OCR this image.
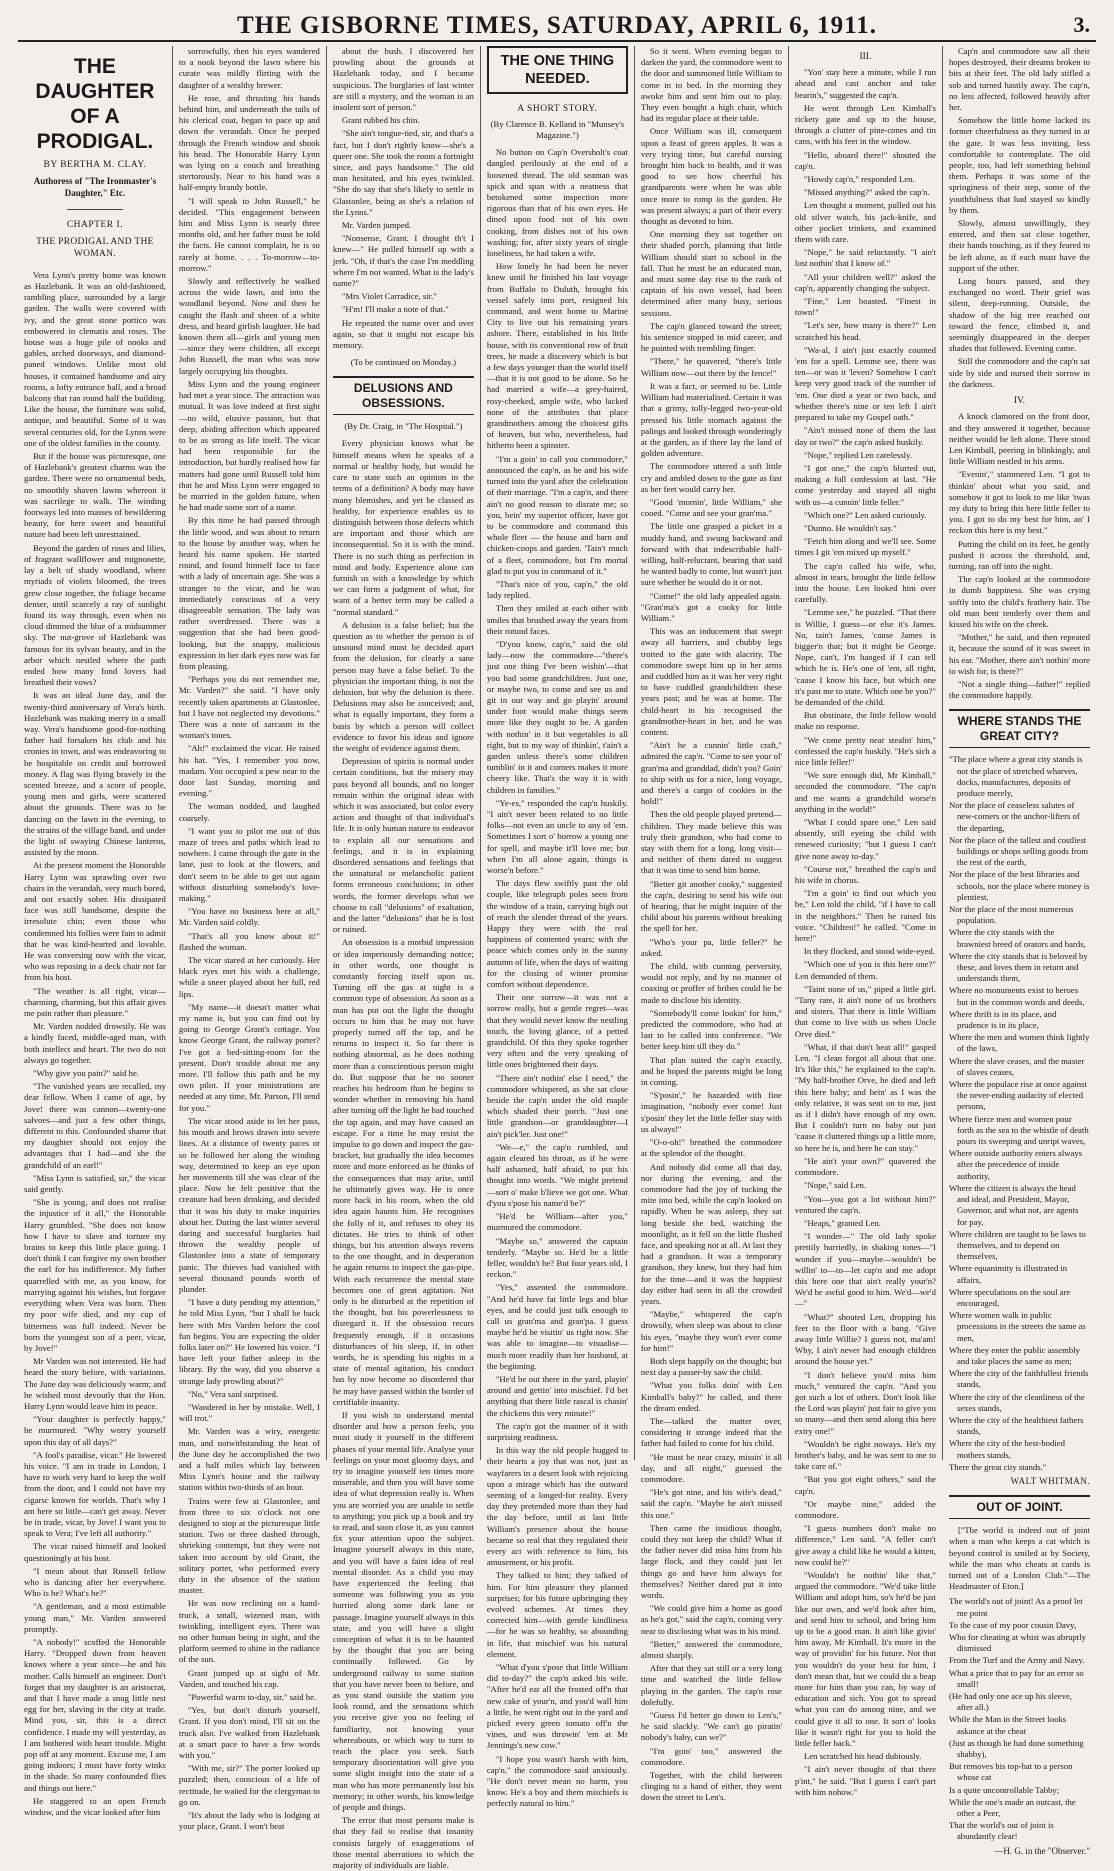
THE GISBORNE TIMES, SATURDAY, APRIL 6, 1911.	3.
THE DAUGHTER OF A PRODIGAL.
BY BERTHA M. CLAY.
Authoress of "The Ironmaster's Daughter," Etc.
CHAPTER I.
THE PRODIGAL AND THE WOMAN.

Vera Lynn's pretty home was known as Hazlebank. It was an old-fashioned, rambling place, surrounded by a large garden. The walls were covered with ivy, and the great stone portico was embowered in clematis and roses. The house was a huge pile of nooks and gables, arched doorways, and diamond-paned windows. Unlike most old houses, it contained handsome and airy rooms, a lofty entrance hall, and a broad balcony that ran round half the building. Like the house, the furniture was solid, antique, and beautiful. Some of it was several centuries old, for the Lynns were one of the oldest families in the county.

But if the house was picturesque, one of Hazlebank's greatest charms was the garden. There were no ornamental beds, no smoothly shaven lawns whereon it was sacrilege to walk. The winding footways led into masses of bewildering beauty, for here sweet and beautiful nature had been left unrestrained.

Beyond the garden of roses and lilies, of fragrant wallflower and mignonette, lay a belt of shady woodland, where myriads of violets bloomed, the trees grew close together, the foliage became denser, until scarcely a ray of sunlight found its way through, even when no cloud dimmed the blue of a midsummer sky. The nut-grove of Hazlebank was famous for its sylvan beauty, and in the arbor which nestled where the path ended how many fond lovers had breathed their vows?

It was an ideal June day, and the twenty-third anniversary of Vera's birth. Hazlebank was making merry in a small way. Vera's handsome good-for-nothing father had forsaken his club and his cronies in town, and was endeavoring to be hospitable on credit and borrowed money. A flag was flying bravely in the scented breeze, and a score of people, young men and girls, were scattered about the grounds. There was to be dancing on the lawn in the evening, to the strains of the village band, and under the light of swaying Chinese lanterns, assisted by the moon.

At the present moment the Honorable Harry Lynn was sprawling over two chairs in the verandah, very much bored, and not exactly sober. His dissipated face was still handsome, despite the irresolute chin; even those who condemned his follies were fain to admit that he was kind-hearted and lovable. He was conversing now with the vicar, who was reposing in a deck chair not far from his host.

"The weather is all right, vicar—charming, charming, but this affair gives me pain rather than pleasure."

Mr. Varden nodded drowsily. He was a kindly faced, middle-aged man, with both intellect and heart. The two do not always go together.

"Why give you pain?" said he.

"The vanished years are recalled, my dear fellow. When I came of age, by Jove! there was cannon—twenty-one salvoes—and just a few other things, different to this. Confounded shame that my daughter should not enjoy the advantages that I had—and she the grandchild of an earl!"

"Miss Lynn is satisfied, sir," the vicar said gently.

"She is young, and does not realise the injustice of it all," the Honorable Harry grumbled. "She does not know how I have to slave and torture my brains to keep this little place going. I don't think I can forgive my own brother the earl for his indifference. My father quarrelled with me, as you know, for marrying against his wishes, but forgave everything when Vera was born. Then my poor wife died, and my cup of bitterness was full indeed. Never be born the youngest son of a peer, vicar, by Jove!"

Mr Varden was not interested. He had heard the story before, with variations. The June day was deliciously warm; and he wished most devoutly that the Hon. Harry Lynn would leave him in peace.

"Your daughter is perfectly happy," he murmured. "Why worry yourself upon this day of all days?"

"A fool's paradise, vicar." He lowered his voice. "I am in trade in London, I have to work very hard to keep the wolf from the door, and I could not have my cigarsc known for worlds. That's why I am here so little—can't get away. Never be in trade, vicar, by Jove! I want you to speak to Vera; I've left all authority."

The vicar raised himself and looked questioningly at his host.

"I mean about that Russell fellow who is dancing after her everywhere. Who is he? What's he?"

"A gentleman, and a most estimable young man," Mr. Varden answered promptly.

"A nobody!" scoffed the Honorable Harry. "Dropped down from heaven knows where a year since—he and his mother. Calls himself an engineer. Don't forget that my daughter is an aristocrat, and that I have made a snug little nest egg for her, slaving in the city at trade. Mind you, sir, this is a direct confidence. I made my will yesterday, as I am bothered with heart trouble. Might pop off at any moment. Excuse me, I am going indoors; I must have forty winks in the shade. So many confounded flies and things out here."

He staggered to an open French window, and the vicar looked after him

sorrowfully, then his eyes wandered to a nook beyond the lawn where his curate was mildly flirting with the daughter of a wealthy brewer.

He rose, and thrusting his hands behind him, and underneath the tails of his clerical coat, began to pace up and down the verandah. Once he peeped through the French window and shook his head. The Honorable Harry Lynn was lying on a couch and breathing stertorously. Near to his hand was a half-empty brandy bottle.

"I will speak to John Russell," he decided. "This engagement between him and Miss Lynn is nearly three months old, and her father must be told the facts. He cannot complain, he is so rarely at home. . . . To-morrow—to-morrow."

Slowly and reflectively he walked across the wide lawn, and into the woodland beyond. Now and then he caught the flash and sheen of a white dress, and heard girlish laughter. He had known them all—girls and young men—since they were children, all except John Russell, the man who was now largely occupying his thoughts.

Miss Lynn and the young engineer had met a year since. The attraction was mutual. It was love indeed at first sight—no wild, elusive passion, but that deep, abiding affection which appeared to be as strong as life itself. The vicar had been responsible for the introduction, but hardly realised how far matters had gone until Russell told him that he and Miss Lynn were engaged to be married in the golden future, when he had made some sort of a name.

By this time he had passed through the little wood, and was about to return to the house by another way, when he heard his name spoken. He started round, and found himself face to face with a lady of uncertain age. She was a stranger to the vicar, and he was immediately conscious of a very disagreeable sensation. The lady was rather overdressed. There was a suggestion that she had been good-looking, but the snappy, malicious expression in her dark eyes now was far from pleasing.

"Perhaps you do not remember me, Mr. Varden?" she said. "I have only recently taken apartments at Glastonlee, but I have not neglected my devotions." There was a note of sarcasm in the woman's tones.

"Ah!" exclaimed the vicar. He raised his hat. "Yes, I remember you now, madam. You occupied a pew near to the door last Sunday, morning and evening."

The woman nodded, and laughed coarsely.

"I want you to pilot me out of this maze of trees and paths which lead to nowhere. I came through the gate in the lane, just to look at the flowers, and don't seem to be able to get out again without disturbing somebody's love-making."

"You have no business here at all," Mr. Varden said coldly.

"That's all you know about it!" flashed the woman.

The vicar stared at her curiously. Her black eyes met his with a challenge, while a sneer played about her full, red lips.

"My name—it doesn't matter what my name is, but you can find out by going to George Grant's cottage. You know George Grant, the railway porter? I've got a bed-sitting-room for the present. Don't trouble about me any more. I'll follow this path and be my own pilot. If your ministrations are needed at any time, Mr. Parson, I'll send for you."

The vicar stood aside to let her pass, his mouth and brows drawn into severe lines. At a distance of twenty paces or so he followed her along the winding way, determined to keep an eye upon her movements till she was clear of the place. Now he felt positive that the creature had been drinking, and decided that it was his duty to make inquiries about her. During the last winter several daring and successful burglaries had thrown the wealthy people of Glastonlee into a state of temporary panic. The thieves had vanished with several thousand pounds worth of plunder.

"I have a duty pending my attention," he told Miss Lynn, "but I shall be back here with Mrs Varden before the cool fun begins. You are expecting the older folks later on?" He lowered his voice. "I have left your father asleep in the library. By the way, did you observe a strange lady prowling about?"

"No," Vera said surprised.

"Wandered in her by mistake. Well, I will trot."

Mr. Varden was a wiry, energetic man, and notwithstanding the heat of the June day he accomplished the two and a half miles which lay between Miss Lynn's house and the railway station within two-thirds of an hour.

Trains were few at Glastonlee, and from three to six o'clock not one designed to stop at the picturesque little station. Two or three dashed through, shrieking contempt, but they were not taken into account by old Grant, the solitary porter, who performed every duty in the absence of the station master.

He was now reclining on a hand-truck, a small, wizened man, with twinkling, intelligent eyes. There was no other human being in sight, and the platform seemed to shine in the radiance of the sun.

Grant jumped up at sight of Mr. Varden, and touched his cap.

"Powerful warm to-day, sir," said he.

"Yes, but don't disturb yourself, Grant. If you don't mind, I'll sit on the truck also. I've walked from Hazlebank at a smart pace to have a few words with you."

"With me, sir?" The porter looked up puzzled; then, conscious of a life of rectitude, he waited for the clergyman to go on.

"It's about the lady who is lodging at your place, Grant. I won't beat

about the bush. I discovered her prowling about the grounds at Hazlebank today, and I became suspicious. The burglaries of last winter are still a mystery, and the woman is an insolent sort of person."

Grant rubbed his chin.

"She ain't tongue-tied, sir, and that's a fact, but I don't rightly know—she's a queer one. She took the room a fortnight since, and pays handsome." The old man hesitated, and his eyes twinkled. "She do say that she's likely to settle in Glastonlee, being as she's a relation of the Lynns."

Mr. Varden jumped.

"Nonsense, Grant. I thought th't I knew—" He pulled himself up with a jerk. "Oh, if that's the case I'm meddling where I'm not wanted. What is the lady's name?"

"Mrs Violet Carradice, sir."

"H'm! I'll make a note of that."

He repeated the name over and over again, so that it might not escape his memory.

(To be continued on Monday.)
DELUSIONS AND OBSESSIONS.
(By Dr. Craig, in "The Hospital.")

Every physician knows what he himself means when he speaks of a normal or healthy body, but would he care to state such an opinion in the terms of a definition? A body may have many blemishes, and yet be classed as healthy, for experience enables us to distinguish between those defects which are important and those which are inconsequential. So it is with the mind. There is no such thing as perfection in mind and body. Experience alone can furnish us with a knowledge by which we can form a judgment of what, for want of a better term may be called a "normal standard."

A delusion is a false belief; but the question as to whether the person is of unsound mind must be decided apart from the delusion, for clearly a sane person may have a false belief. To the physician the important thing, is not the delusion, but why the delusion is there. Delusions may also be conceived; and, what is equally important, they form a basis by which a person will collect evidence to favor his ideas and ignore the weight of evidence against them.

Depression of spirits is normal under certain conditions, but the misery may pass beyond all bounds, and no longer remain within the original ideas with which it was associated, but color every action and thought of that individual's life. It is only human nature to endeavor to explain all our sensations and feelings, and it is in explaining disordered sensations and feelings that the unnatural or melancholic patient forms erroneous conclusions; in other words, the former develops what we choose to call "delusions" of exaltation, and the latter "delusions" that he is lost or ruined.

An obsession is a morbid impression or idea imperiously demanding notice; in other words, one thought is constantly forcing itself upon us. Turning off the gas at night is a common type of obsession. As soon as a man has put out the light the thought occurs to him that he may not have properly turned off the tap, and he returns to inspect it. So far there is nothing abnormal, as he does nothing more than a conscientious person might do. But suppose that he no sooner reaches his bedroom than he begins to wonder whether in removing his hand after turning off the light he had touched the tap again, and may have caused an escape. For a time he may resist the impulse to go down and inspect the gas-bracket, but gradually the idea becomes more and more enforced as he thinks of the consequences that may arise, until he ultimately gives way. He is once more back in his room, when the old idea again haunts him. He recognises the folly of it, and refuses to obey its dictates. He tries to think of other things, but his attention always reverts to the one thought, and in desperation he again returns to inspect the gas-pipe. With each recurrence the mental state becomes one of great agitation. Not only is he disturbed at the repetition of the thought, but his powerlessness to disregard it. If the obsession recurs frequently enough, if it occasions disturbances of his sleep, if, in other words, he is spending his nights in a state of mental agitation, his conduct has by now become so disordered that he may have passed within the border of certifiable insanity.

If you wish to understand mental disorder and how a person feels, you must study it yourself in the different phases of your mental life. Analyse your feelings on your most gloomy days, and try to imagine yourself ten times more miserable, and then you will have some idea of what depression really is. When you are worried you are unable to settle to anything; you pick up a book and try to read, and soon close it, as you cannot fix your attention upon the subject. Imagine yourself always in this state, and you will have a faint idea of real mental disorder. As a child you may have experienced the feeling that someone was following you as you hurried along some dark lane or passage. Imagine yourself always in this state, and you will have a slight conception of what it is to be haunted by the thought that you are being continually followed. Go by underground railway to some station that you have never been to before, and as you stand outside the station you look round, and the sensations which you receive give you no feeling of familiarity, not knowing your whereabouts, or which way to turn to reach the place you seek. Such temporary disorientation will give you some slight insight into the state of a man who has more permanently lost his memory; in other words, his knowledge of people and things.

The error that most persons make is that they fail to realise that insanity consists largely of exaggerations of those mental aberrations to which the majority of individuals are liable.

THE ONE THING NEEDED.
A SHORT STORY.
(By Clarence B. Kelland in "Munsey's Magazine.")

No button on Cap'n Oversholt's coat dangled perilously at the end of a loosened thread. The old seaman was spick and span with a neatness that betokened some inspection more rigorous than that of his own eyes. He dined upon food not of his own cooking, from dishes not of his own washing; for, after sixty years of single loneliness, he had taken a wife.

How lonely he had been he never knew until he finished his last voyage from Buffalo to Duluth, brought his vessel safely into port, resigned his command, and went home to Marine City to live out his remaining years ashore. There, established in his little house, with its conventional row of fruit trees, he made a discovery which is but a few days younger than the world itself—that it is not good to be alone. So he had married a wife—a grey-haired, rosy-cheeked, ample wife, who lacked none of the attributes that place grandmothers among the choicest gifts of heaven, but who, nevertheless, had hitherto been a spinster.

"I'm a goin' to call you commodore," announced the cap'n, as he and his wife turned into the yard after the celebration of their marriage. "I'm a cap'n, and there ain't no good reason to disrate me; so you, bein' my superior officer, have got to be commodore and command this whole fleet — the house and barn and chicken-coops and garden. 'Tain't much of a fleet, commodore, but I'm mortal glad to put you in command of it."

"That's nice of you, cap'n," the old lady replied.

Then they smiled at each other with smiles that brushed away the years from their rotund faces.

"D'you know, cap'n," said the old lady—now the commodore—"there's just one thing I've been wishin'—that you had some grandchildren. Just one, or maybe two, to come and see us and git in our way and go playin' around under foot would make things seem more like they ought to be. A garden with nothin' in it but vegetables is all right, but to my way of thinkin', t'ain't a garden unless there's some children tumblin' in it and corners makes it more cheery like. That's the way it is with children in families."

"Ye-es," responded the cap'n huskily. "I ain't never been related to no little folks—not even an uncle to any of 'em. Sometimes I sort o' borrow a young one for spell, and maybe it'll love me; but when I'm all alone again, things is worse'n before."

The days flew swiftly past the old couple, like telegraph poles seen from the window of a train, carrying high out of reach the slender thread of the years. Happy they were with the real happiness of contented years; with the peace which comes only in the sunny autumn of life, when the days of waiting for the closing of winter promise comfort without dependence.

Their one sorrow—it was not a sorrow really, but a gentle regret—was that they would never know the nestling touch, the loving glance, of a petted grandchild. Of this they spoke together very often and the very speaking of little ones brightened their days.

"There ain't nothin' else I need," the commodore whispered, as she sat close beside the cap'n under the old maple which shaded their porch. "Just one little grandson—or granddaughter—I ain't pick'ler. Just one!"

"We—e," the cap'n rumbled, and again cleared his throat, as if he were half ashamed, half afraid, to put his thought into words. "We might pretend—sort o' make b'lieve we got one. What d'you s'pose his name'd be?"

"He'd be William—after you," murmured the commodore.

"Maybe so," answered the captain tenderly. "Maybe so. He'd be a little feller, wouldn't he? But four years old, I reckon."

"Yes," assented the commodore. "And he'd have fat little legs and blue eyes, and he could just talk enough to call us gran'ma and gran'pa. I guess maybe he'd be visitin' us right now. She was able to imagine—to visualise—much more readily than her husband, at the beginning.

"He'd be out there in the yard, playin' around and gettin' into mischief. I'd bet anything that there little rascal is chasin' the chickens this very minute!"

The cap'n got the manner of it with surprising readiness.

In this way the old people hugged to their hearts a joy that was not, just as wayfarers in a desert look with rejoicing upon a mirage which has the outward seeming of a longed-for reality. Every day they pretended more than they had the day before, until at last little William's presence about the house became so real that they regulated their every act with reference to him, his amusement, or his profit.

They talked to him; they talked of him. For him pleasure they planned surprises; for his future upbringing they evolved schemes. At times they corrected him—with gentle kindliness—for he was so healthy, so abounding in life, that mischief was his natural element.

"What d'you s'pose that little William did to-day?" the cap'n asked his wife. "After he'd eat all the frosted off'n that new cake of your'n, and you'd wall him a little, he went right out in the yard and picked every green tomato off'n the vines, and was throwin' 'em at Mr Jennings's new cow."

"I hope you wasn't harsh with him, cap'n," the commodore said anxiously. "He don't never mean no harm, you know. He's a boy and them mischiefs is perfectly natural to him."

So it went. When evening began to darken the yard, the commodore went to the door and summoned little William to come in to bed. In the morning they awoke him and sent him out to play. They even bought a high chair, which had its regular place at their table.

Once William was ill, consequent upon a feast of green apples. It was a very trying time, but careful nursing brought him back to health, and it was good to see how cheerful his grandparents were when he was able once more to romp in the garden. He was present always; a part of their every thought as devoted to him.

One morning they sat together on their shaded porch, planning that little William should start to school in the fall. That he must be an educated man, and must some day rise to the rank of captain of his own vessel, had been determined after many busy, serious sessions.

The cap'n glanced toward the street; his sentence stopped in mid career, and he pointed with trembling finger.

"There," he quavered, "there's little William now—out there by the fence!"

It was a fact, or seemed to be. Little William had materialised. Certain it was that a grimy, tolly-legged two-year-old pressed his little stomach against the palings and looked through wonderingly at the garden, as if there lay the land of golden adventure.

The commodore uttered a soft little cry and ambled down to the gate as fast as her feet would carry her.

"Good 'mornin', little William," she cooed. "Come and see your gran'ma."

The little one grasped a picket in a muddy hand, and swung backward and forward with that indescribable half-willing, half-reluctant, bearing that said he wanted badly to come, but wasn't just sure whether he would do it or not.

"Come!" the old lady appealed again. "Gran'ma's got a cooky for little William."

This was an inducement that swept away all barriers, and chubby legs trotted to the gate with alacrity. The commodore swept him up in her arms and cuddled him as it was her very right to have cuddled grandchildren these years past; and he was at home. The child-heart in his recognised the grandmother-heart in her, and he was content.

"Ain't he a cunnin' little craft," admired the cap'n. "Come to see your ol' gran'ma and granddad, didn't you? Goin' to ship with us for a nice, long voyage, and there's a cargo of cookies in the hold!"

Then the old people played pretend—children. They made believe this was truly their grandson, who had come to stay with them for a long, long visit—and neither of them dared to suggest that it was time to send him home.

"Better git another cooky," suggested the cap'n, desiring to send his wife out of hearing, that he might inquire of the child about his parents without breaking the spell for her.

"Who's your pa, little feller?" he asked.

The child, with cunning perversity, would not reply, and by no manner of coaxing or proffer of bribes could he be made to disclose his identity.

"Somebody'll come lookin' for him," predicted the commodore, who had at last to be called into conference. "We better keep him till they do."

That plan suited the cap'n exactly, and he hoped the parents might be long in coming.

"S'posin'," he hazarded with fine imagination, "nobody ever come! Just s'posin' they let the little feller stay with us always!"

"O-o-oh!" breathed the commodore at the splendor of the thought.

And nobody did come all that day, nor during the evening, and the commodore had the joy of tucking the mite into bed, while the cap'n looked on rapidly. When he was asleep, they sat long beside the bed, watching the moonlight, as it fell on the little flushed face, and speaking not at all. At last they had a grandson. It was a temporary grandson, they knew, but they had him for the time—and it was the happiest day either had seen in all the crowded years.

"Maybe," whispered the cap'n drowsily, when sleep was about to close his eyes, "maybe they won't ever come for him!"

Both slept happily on the thought; but next day a passer-by saw the child.

"What you folks doin' with Len Kimball's baby?" he called, and there the dream ended.

The—talked the matter over, considering it strange indeed that the father had failed to come for his child.

"He must be near crazy, missin' it all day, and all night," guessed the commodore.

"He's got nine, and his wife's dead," said the cap'n. "Maybe he ain't missed this one."

Then came the insidious thought, could they not keep the child? What if the father never did miss him from his large flock, and they could just let things go and have him always for themselves? Neither dared put it into words.

"We could give him a home as good as he's got," said the cap'n, coming very near to disclosing what was in his mind.

"Better," answered the commodore, almost sharply.

After that they sat still or a very long time and watched the little fellow playing in the garden. The cap'n rose dolefully.

"Guess I'd better go down to Len's," he said slackly. "We can't go piratin' nobody's baby, can we?"

"I'm goin' too," answered the commodore.

Together, with the child between clinging to a hand of either, they went down the street to Len's.

III.

"Yon' stay here a minute, while I run ahead and cast anchor and take bearin's," suggested the cap'n.

He went through Len Kimball's rickety gate and up to the house, through a clutter of pine-cones and tin cans, with his feet in the window.

"Hello, aboard there!" shouted the cap'n.

"Howdy cap'n," responded Len.

"Missed anything?" asked the cap'n.

Len thought a moment, pulled out his old silver watch, his jack-knife, and other pocket trinkets, and examined them with care.

"Nope," he said reluctantly. "I ain't lost nothin' that I know of."

"All your children well?" asked the cap'n, apparently changing the subject.

"Fine," Len boasted. "Finest in town!"

"Let's see, how many is there?" Len scratched his head.

"Wa-al, I ain't just exactly counted 'em for a spell. Lemme see, there was ten—or was it 'leven? Somehow I can't keep very good track of the number of 'em. One died a year or two back, and whether there's nine or ten left I ain't prepared to take my Gospel oath."

"Ain't missed none of them the last day or two?" the cap'n asked huskily.

"Nope," replied Len carelessly.

"I got one," the cap'n blurted out, making a full confession at last. "He come yesterday and stayed all night with us—a cunnin' little feller."

"Which one?" Len asked curiously.

"Dunno. He wouldn't say."

"Fetch him along and we'll see. Some times I git 'em mixed up myself."

The cap'n called his wife, who, almost in tears, brought the little fellow into the house. Len looked him over carefully.

"Lemme see," he puzzled. "That there is Willie, I guess—or else it's James. No, tain't James, 'cause James is bigger'n that; but it might be George. Nope, can't, I'm hanged if I can tell which he is. He's one of 'em, all right, 'cause I know his face, but which one it's past me to state. Which one be you?" he demanded of the child.

But obstinate, the little fellow would make no response.

"We come pretty near stealin' him," confessed the cap'n huskily. "He's sich a nice little feller!"

"We sure enough did, Mr Kimball," seconded the commodore. "The cap'n and me wants a grandchild worse'n anything in the world!"

"What I could spare one," Len said absently, still eyeing the child with renewed curiosity; "but I guess I can't give none away to-day."

"Course not," breathed the cap'n and his wife in chorus.

"I'm a goin' to find out which you be," Len told the child, "if I have to call in the neighbors." Then he raised his voice. "Children!" he called. "Come in here!"

In they flocked, and stood wide-eyed.

"Which one of you is this here one?" Len demanded of them.

"Taint none of us," piped a little girl. "Tany rate, it ain't none of us brothers and sisters. That there is little William that come to live with us when Uncle Orve died."

"What, if that don't beat all!" gasped Len. "I clean forgot all about that one. It's like this," he explained to the cap'n. "My half-brother Orve, he died and left this here baby; and bein' as I was the only relative, it was sent on to me, just as if I didn't have enough of my own. But I couldn't turn no baby out just 'cause it cluttered things up a little more, so here he is, and here he can stay."

"He ain't your own?" quavered the commodore.

"Nope," said Len.

"You—you got a lot without him?" ventured the cap'n.

"Heaps," granted Len.

"I wonder—" The old lady spoke prettily hurriedly, in shaking tones—"I wonder if you—maybe—wouldn't be willin' to—to—let cap'n and me adopt this here one that ain't really your'n? We'd be awful good to him. We'd—we'd—"

"What?" shouted Len, dropping his feet to the floor with a bang. "Give away little Willie? I guess not, ma'am! Why, I ain't never had enough children around the house yet."

"I don't believe you'd miss him much," ventured the cap'n. "And you got such a lot of others. Don't look like the Lord was playin' just fair to give you so many—and then send along this here extry one!"

"Wouldn't be right noways. He's my brother's baby, and he was sent to me to take care of."

"But you got eight others," said the cap'n.

"Or maybe nine," added the commodore.

"I guess numbers don't make no difference," Len said. "A feller can't give away a child like he would a kitten, now could he?"

"Wouldn't be nothin' like that," argued the commodore. "We'd take little William and adopt him, so's he'd be just like our own, and we'd look after him, and send him to school, and bring him up to be a good man. It ain't like givin' him away, Mr Kimball. It's more in the way of providin' for his future. Not that you wouldn't do your best for him, I don't mean that, but we could do a heap more for him than you can, by way of education and sich. You got to spread what you can do among nine, and we could give it all to one. It sort o' looks like it wasn't right for you to hold the little feller back."

Len scratched his head dubiously.

"I ain't never thought of that there p'int," he said. "But I guess I can't part with him nohow."

Cap'n and commodore saw all their hopes destroyed, their dreams broken to bits at their feet. The old lady stifled a sob and turned hastily away. The cap'n, no less affected, followed heavily after her.

Somehow the little home lacked its former cheerfulness as they turned in at the gate. It was less inviting, less comfortable to contemplate. The old people, too, had left something behind them. Perhaps it was some of the springiness of their step, some of the youthfulness that had stayed so kindly by them.

Slowly, almost unwillingly, they entered, and then sat close together, their hands touching, as if they feared to be left alone, as if each must have the support of the other.

Long hours passed, and they exchanged no word. Their grief was silent, deep-running. Outside, the shadow of the big tree reached out toward the fence, climbed it, and seemingly disappeared in the deeper shades that followed. Evening came.

Still the commodore and the cap'n sat side by side and nursed their sorrow in the darkness.

IV.

A knock clamored on the front door, and they answered it together, because neither would be left alone. There stood Len Kimball, peering in blinkingly, and little William nestled in his arms.

"Evenin'," stammered Len. "I got to thinkin' about what you said, and somehow it got to look to me like 'twas my duty to bring this here little feller to you. I got to do my best for him, an' I reckon this here is my best."

Putting the child on its feet, he gently pushed it across the threshold, and, turning, ran off into the night.

The cap'n looked at the commodore in dumb happiness. She was crying softly into the child's feathery hair. The old man bent tenderly over them and kissed his wife on the cheek.

"Mother," he said, and then repeated it, because the sound of it was sweet in his ear. "Mother, there ain't nothin' more to wish for, is there?"

"Not a single thing—father!" replied the commodore happily.

WHERE STANDS THE GREAT CITY?

"The place where a great city stands is not the place of stretched wharves, docks, manufactures, deposits of produce merely,

Nor the place of ceaseless salutes of new-comers or the anchor-lifters of the departing,

Nor the place of the tallest and costliest buildings or shops selling goods from the rest of the earth,

Nor the place of the best libraries and schools, nor the place where money is plentiest,

Nor the place of the most numerous population.

Where the city stands with the brawniest breed of orators and bards,

Where the city stands that is beloved by these, and loves them in return and understands them,

Where no monuments exist to heroes but in the common words and deeds,

Where thrift is in its place, and prudence is in its place,

Where the men and women think lightly of the laws,

Where the slave ceases, and the master of slaves ceases,

Where the populace rise at once against the never-ending audacity of elected persons,

Where fierce men and women pour forth as the sea to the whistle of death pours its sweeping and unript waves,

Where outside authority enters always after the precedence of inside authority,

Where the citizen is always the head and ideal, and President, Mayor, Governor, and what not, are agents for pay,

Where children are taught to be laws to themselves, and to depend on themselves,

Where equanimity is illustrated in affairs,

Where speculations on the soul are encouraged,

Where women walk in public processions in the streets the same as men,

Where they enter the public assembly and take places the same as men;

Where the city of the faithfullest friends stands,

Where the city of the cleanliness of the sexes stands,

Where the city of the healthiest fathers stands,

Where the city of the best-bodied mothers stands,

There the great city stands."

WALT WHITMAN.
OUT OF JOINT.

["The world is indeed out of joint when a man who keeps a cat which is beyond control is smiled at by Society, while the man who cheats at cards is turned out of a London Club."—The Headmaster of Eton.]

The world's out of joint! As a proof let me point

To the case of my poor cousin Davy,

Who for cheating at whist was abruptly dismissed

From the Turf and the Army and Navy.

What a price that to pay for an error so small!

(He had only one ace up his sleeve, after all.)

While the Man in the Street looks askance at the cheat

(Just as though he had done something shabby),

But removes his top-hat to a person whose cat

Is a quite uncontrollable Tabby;

While the one's made an outcast, the other a Peer,

That the world's out of joint is abundantly clear!

—H. G. in the "Observer."
